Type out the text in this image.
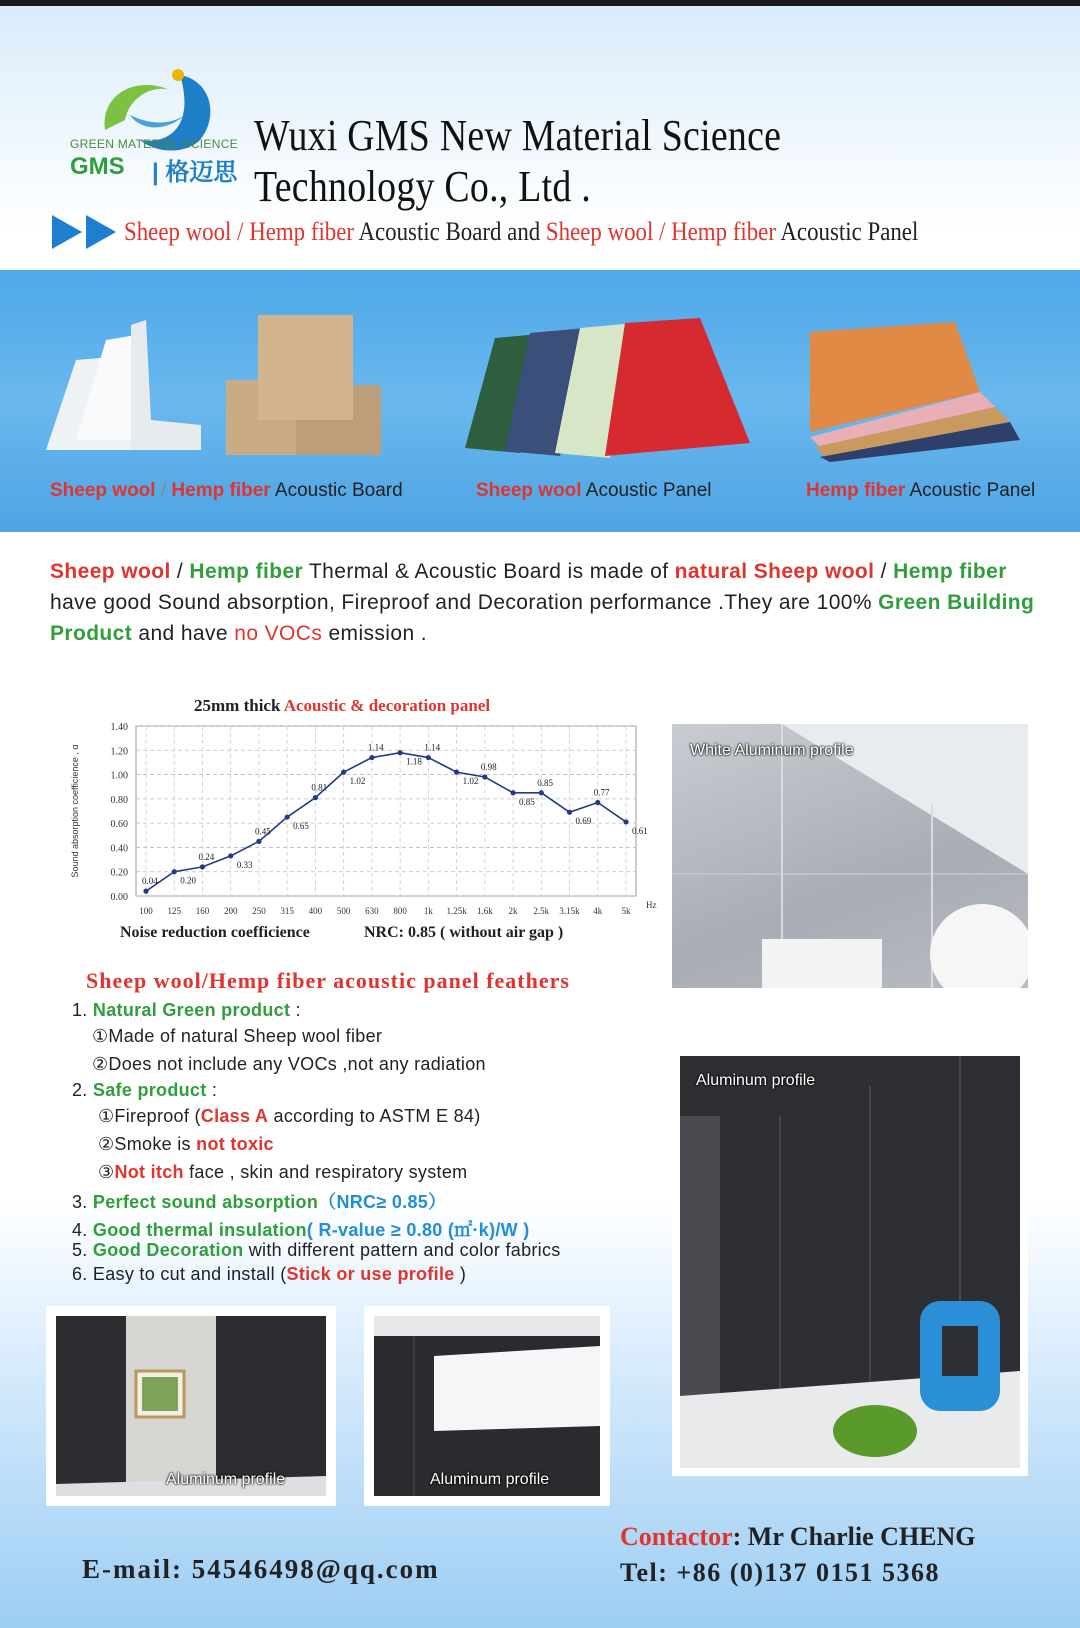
GREEN MATERIAL SCIENCE
GMS | 格迈思
Wuxi GMS New Material Science Technology Co., Ltd .
Sheep wool / Hemp fiber Acoustic Board and Sheep wool / Hemp fiber Acoustic Panel
Sheep wool / Hemp fiber Acoustic Board	Sheep wool Acoustic Panel	Hemp fiber Acoustic Panel
Sheep wool / Hemp fiber Thermal & Acoustic Board is made of natural Sheep wool / Hemp fiber have good Sound absorption, Fireproof and Decoration performance .They are 100% Green Building Product and have no VOCs emission .
25mm thick Acoustic & decoration panel
0.00
0.20
0.40
0.60
0.80
1.00
1.20
1.40
100 125 160 200 250 315 400 500 630 800 1k 1.25k 1.6k 2k 2.5k 3.15k 4k 5k
Hz
Sound absorption coefficience , α
0.04 0.20
0.24
0.33
0.45
0.65
0.81
1.02
1.14
1.18
1.14
1.02
0.98
0.85
0.85
0.69
0.77
0.61
Noise reduction coefficience	NRC: 0.85 ( without air gap )
Sheep wool/Hemp fiber acoustic panel feathers
1. Natural Green product :
①Made of natural Sheep wool fiber
②Does not include any VOCs ,not any radiation
2. Safe product :
①Fireproof (Class A according to ASTM E 84)
②Smoke is not toxic
③Not itch face , skin and respiratory system
3. Perfect sound absorption（NRC≥ 0.85）
4. Good thermal insulation( R-value ≥ 0.80 (㎡·k)/W )
5. Good Decoration with different pattern and color fabrics
6. Easy to cut and install (Stick or use profile )
White Aluminum profile
Aluminum profile
Aluminum profile	Aluminum profile
E-mail: 54546498@qq.com
Contactor: Mr Charlie CHENG
Tel: +86 (0)137 0151 5368
